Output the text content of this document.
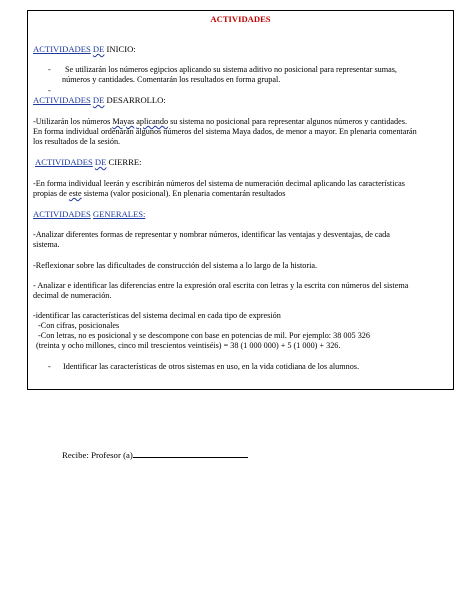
ACTIVIDADES
ACTIVIDADES DE INICIO:
-	Se utilizarán los números egipcios aplicando su sistema aditivo no posicional para representar sumas,
números y cantidades. Comentarán los resultados en forma grupal.
-
ACTIVIDADES DE DESARROLLO:
-Utilizarán los números Mayas aplicando su sistema no posicional para representar algunos números y cantidades.
En forma individual ordenarán algunos números del sistema Maya dados, de menor a mayor. En plenaria comentarán
los resultados de la sesión.
ACTIVIDADES DE CIERRE:
-En forma individual leerán y escribirán números del sistema de numeración decimal aplicando las características
propias de este sistema (valor posicional). En plenaria comentarán resultados
ACTIVIDADES GENERALES:
-Analizar diferentes formas de representar y nombrar números, identificar las ventajas y desventajas, de cada
sistema.
-Reflexionar sobre las dificultades de construcción del sistema a lo largo de la historia.
- Analizar e identificar las diferencias entre la expresión oral escrita con letras y la escrita con números del sistema
decimal de numeración.
-identificar las características del sistema decimal en cada tipo de expresión
-Con cifras, posicionales
-Con letras, no es posicional y se descompone con base en potencias de mil. Por ejemplo: 38 005 326
(treinta y ocho millones, cinco mil trescientos veintiséis) = 38 (1 000 000) + 5 (1 000) + 326.
-	Identificar las características de otros sistemas en uso, en la vida cotidiana de los alumnos.
Recibe: Profesor (a)
